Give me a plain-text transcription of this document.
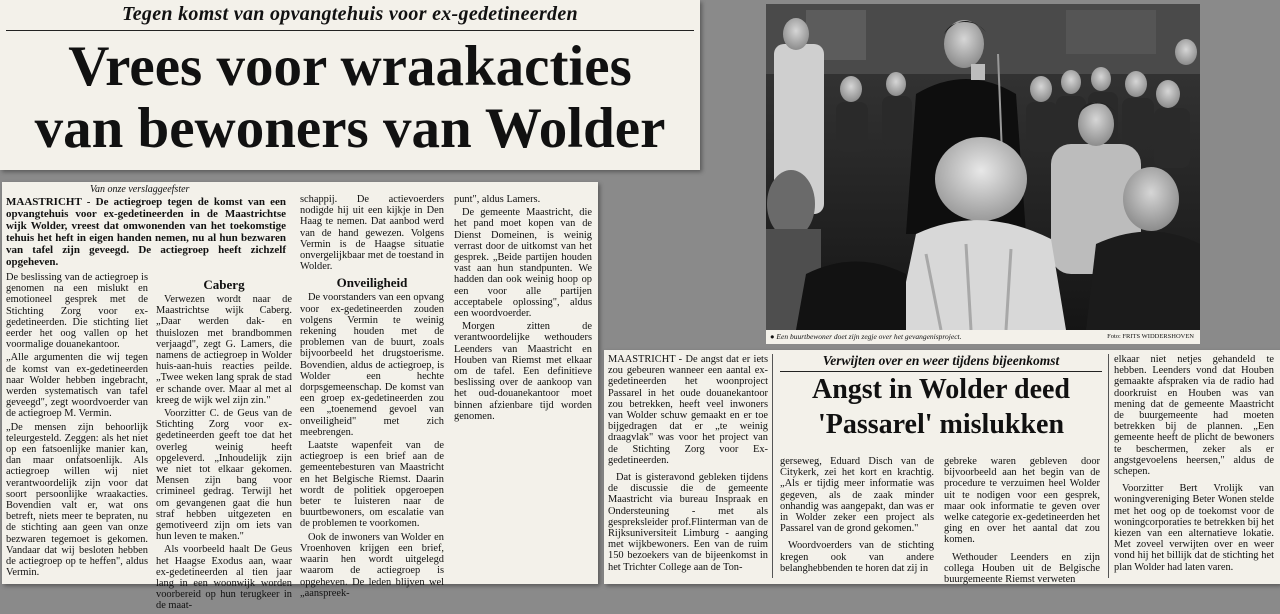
Tegen komst van opvangtehuis voor ex-gedetineerden
Vrees voor wraakacties
van bewoners van Wolder
Van onze verslaggeefster

MAASTRICHT - De actiegroep tegen de komst van een opvangtehuis voor ex-gedetineerden in de Maastrichtse wijk Wolder, vreest dat omwonenden van het toekomstige tehuis het heft in eigen handen nemen, nu al hun bezwaren van tafel zijn geveegd. De actiegroep heeft zichzelf opgeheven.

De beslissing van de actiegroep is genomen na een mislukt en emotioneel gesprek met de Stichting Zorg voor ex-gedetineerden. Die stichting liet eerder het oog vallen op het voormalige douanekantoor.

„Alle argumenten die wij tegen de komst van ex-gedetineerden naar Wolder hebben ingebracht, werden systematisch van tafel geveegd", zegt woordvoerder van de actiegroep M. Vermin.

„De mensen zijn behoorlijk teleurgesteld. Zeggen: als het niet op een fatsoenlijke manier kan, dan maar onfatsoenlijk. Als actiegroep willen wij niet verantwoordelijk zijn voor dat soort persoonlijke wraakacties. Bovendien valt er, wat ons betreft, niets meer te bepraten, nu de stichting aan geen van onze bezwaren tegemoet is gekomen. Vandaar dat wij besloten hebben de actiegroep op te heffen", aldus Vermin.

Caberg

Verwezen wordt naar de Maastrichtse wijk Caberg. „Daar werden dak- en thuislozen met brandbommen verjaagd", zegt G. Lamers, die namens de actiegroep in Wolder huis-aan-huis reacties peilde. „Twee weken lang sprak de stad er schande over. Maar al met al kreeg de wijk wel zijn zin."

Voorzitter C. de Geus van de Stichting Zorg voor ex-gedetineerden geeft toe dat het overleg weinig heeft opgeleverd. „Inhoudelijk zijn we niet tot elkaar gekomen. Mensen zijn bang voor crimineel gedrag. Terwijl het om gevangenen gaat die hun straf hebben uitgezeten en gemotiveerd zijn om iets van hun leven te maken."

Als voorbeeld haalt De Geus het Haagse Exodus aan, waar ex-gedetineerden al tien jaar lang in een woonwijk worden voorbereid op hun terugkeer in de maat-

schappij. De actievoerders nodigde hij uit een kijkje in Den Haag te nemen. Dat aanbod werd van de hand gewezen. Volgens Vermin is de Haagse situatie onvergelijkbaar met de toestand in Wolder.

Onveiligheid

De voorstanders van een opvang voor ex-gedetineerden zouden volgens Vermin te weinig rekening houden met de problemen van de buurt, zoals bijvoorbeeld het drugstoerisme. Bovendien, aldus de actiegroep, is Wolder een hechte dorpsgemeenschap. De komst van een groep ex-gedetineerden zou een „toenemend gevoel van onveiligheid" met zich meebrengen.

Laatste wapenfeit van de actiegroep is een brief aan de gemeentebesturen van Maastricht en het Belgische Riemst. Daarin wordt de politiek opgeroepen beter te luisteren naar de buurtbewoners, om escalatie van de problemen te voorkomen.

Ook de inwoners van Wolder en Vroenhoven krijgen een brief, waarin hen wordt uitgelegd waarom de actiegroep is opgeheven. De leden blijven wel „aanspreek-

punt", aldus Lamers.

De gemeente Maastricht, die het pand moet kopen van de Dienst Domeinen, is weinig verrast door de uitkomst van het gesprek. „Beide partijen houden vast aan hun standpunten. We hadden dan ook weinig hoop op een voor alle partijen acceptabele oplossing", aldus een woordvoerder.

Morgen zitten de verantwoordelijke wethouders Leenders van Maastricht en Houben van Riemst met elkaar om de tafel. Een definitieve beslissing over de aankoop van het oud-douanekantoor moet binnen afzienbare tijd worden genomen.

● Een buurtbewoner doet zijn zegje over het gevangenisproject.	Foto: FRITS WIDDERSHOVEN

MAASTRICHT - De angst dat er iets zou gebeuren wanneer een aantal ex-gedetineerden het woonproject Passarel in het oude douanekantoor zou betrekken, heeft veel inwoners van Wolder schuw gemaakt en er toe bijgedragen dat er „te weinig draagvlak" was voor het project van de Stichting Zorg voor Ex-gedetineerden.

Dat is gisteravond gebleken tijdens de discussie die de gemeente Maastricht via bureau Inspraak en Ondersteuning - met als gespreksleider prof.Flinterman van de Rijksuniversiteit Limburg - aanging met wijkbewoners. Een van de ruim 150 bezoekers van de bijeenkomst in het Trichter College aan de Ton-

Verwijten over en weer tijdens bijeenkomst
Angst in Wolder deed
'Passarel' mislukken

gerseweg, Eduard Disch van de Citykerk, zei het kort en krachtig. „Als er tijdig meer informatie was gegeven, als de zaak minder onhandig was aangepakt, dan was er in Wolder zeker een project als Passarel van de grond gekomen."

Woordvoerders van de stichting kregen ook van andere belanghebbenden te horen dat zij in

gebreke waren gebleven door bijvoorbeeld aan het begin van de procedure te verzuimen heel Wolder uit te nodigen voor een gesprek, maar ook informatie te geven over welke categorie ex-gedetineerden het ging en over het aantal dat zou komen.

Wethouder Leenders en zijn collega Houben uit de Belgische buurgemeente Riemst verweten

elkaar niet netjes gehandeld te hebben. Leenders vond dat Houben gemaakte afspraken via de radio had doorkruist en Houben was van mening dat de gemeente Maastricht de buurgemeente had moeten betrekken bij de plannen. „Een gemeente heeft de plicht de bewoners te beschermen, zeker als er angstgevoelens heersen," aldus de schepen.

Voorzitter Bert Vrolijk van woningvereniging Beter Wonen stelde met het oog op de toekomst voor de woningcorporaties te betrekken bij het kiezen van een alternatieve lokatie. Met zoveel verwijten over en weer vond hij het billijk dat de stichting het plan Wolder had laten varen.
